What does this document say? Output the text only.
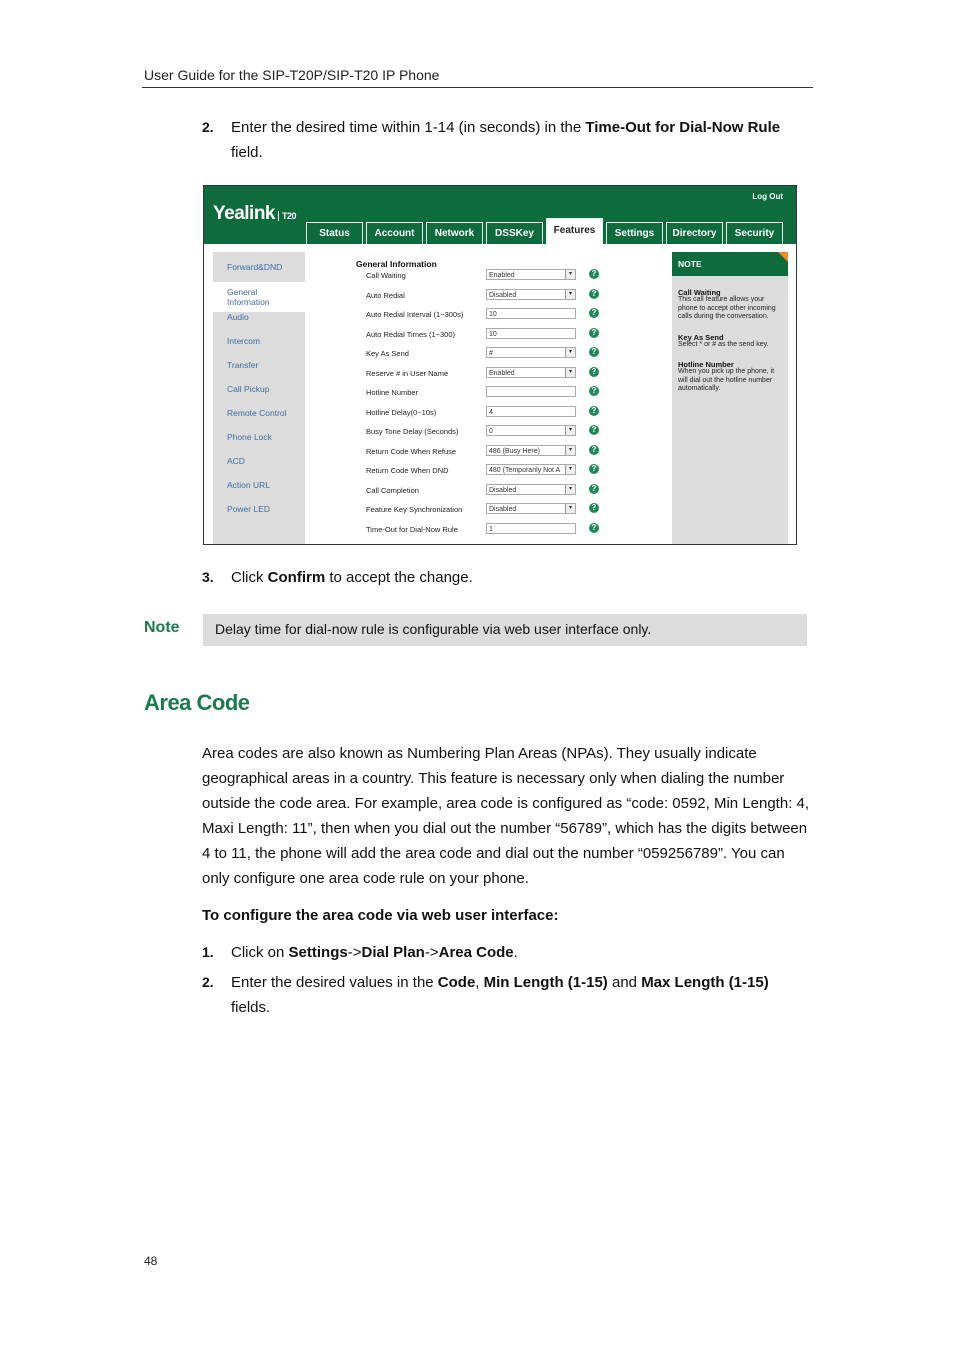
User Guide for the SIP-T20P/SIP-T20 IP Phone
2. Enter the desired time within 1-14 (in seconds) in the Time-Out for Dial-Now Rule
field.
Yealink T20
Log Out
Status	Account	Network	DSSKey	Features	Settings	Directory	Security
Forward&DND
General Information
Audio
Intercom
Transfer
Call Pickup
Remote Control
Phone Lock
ACD
Action URL
Power LED
General Information
Call Waiting	Enabled	▾	?
Auto Redial	Disabled	▾	?
Auto Redial Interval (1~300s)	10	?
Auto Redial Times (1~300)	10	?
Key As Send	#	▾	?
Reserve # in User Name	Enabled	▾	?
Hotline Number	?
Hotline Delay(0~10s)	4	?
Busy Tone Delay (Seconds)	0	▾	?
Return Code When Refuse	486 (Busy Here)	▾	?
Return Code When DND	480 (Temporarily Not A	▾	?
Call Completion	Disabled	▾	?
Feature Key Synchronization	Disabled	▾	?
Time-Out for Dial-Now Rule	1	?
NOTE
Call Waiting
This call feature allows your phone to accept other incoming calls during the conversation.
Key As Send
Select * or # as the send key.
Hotline Number
When you pick up the phone, it will dial out the hotline number automatically.
3. Click Confirm to accept the change.
Note	Delay time for dial-now rule is configurable via web user interface only.
Area Code
Area codes are also known as Numbering Plan Areas (NPAs). They usually indicate geographical areas in a country. This feature is necessary only when dialing the number outside the code area. For example, area code is configured as “code: 0592, Min Length: 4, Maxi Length: 11”, then when you dial out the number “56789”, which has the digits between 4 to 11, the phone will add the area code and dial out the number “059256789”. You can only configure one area code rule on your phone.
To configure the area code via web user interface:
1. Click on Settings->Dial Plan->Area Code.
2. Enter the desired values in the Code, Min Length (1-15) and Max Length (1-15)
fields.
48
